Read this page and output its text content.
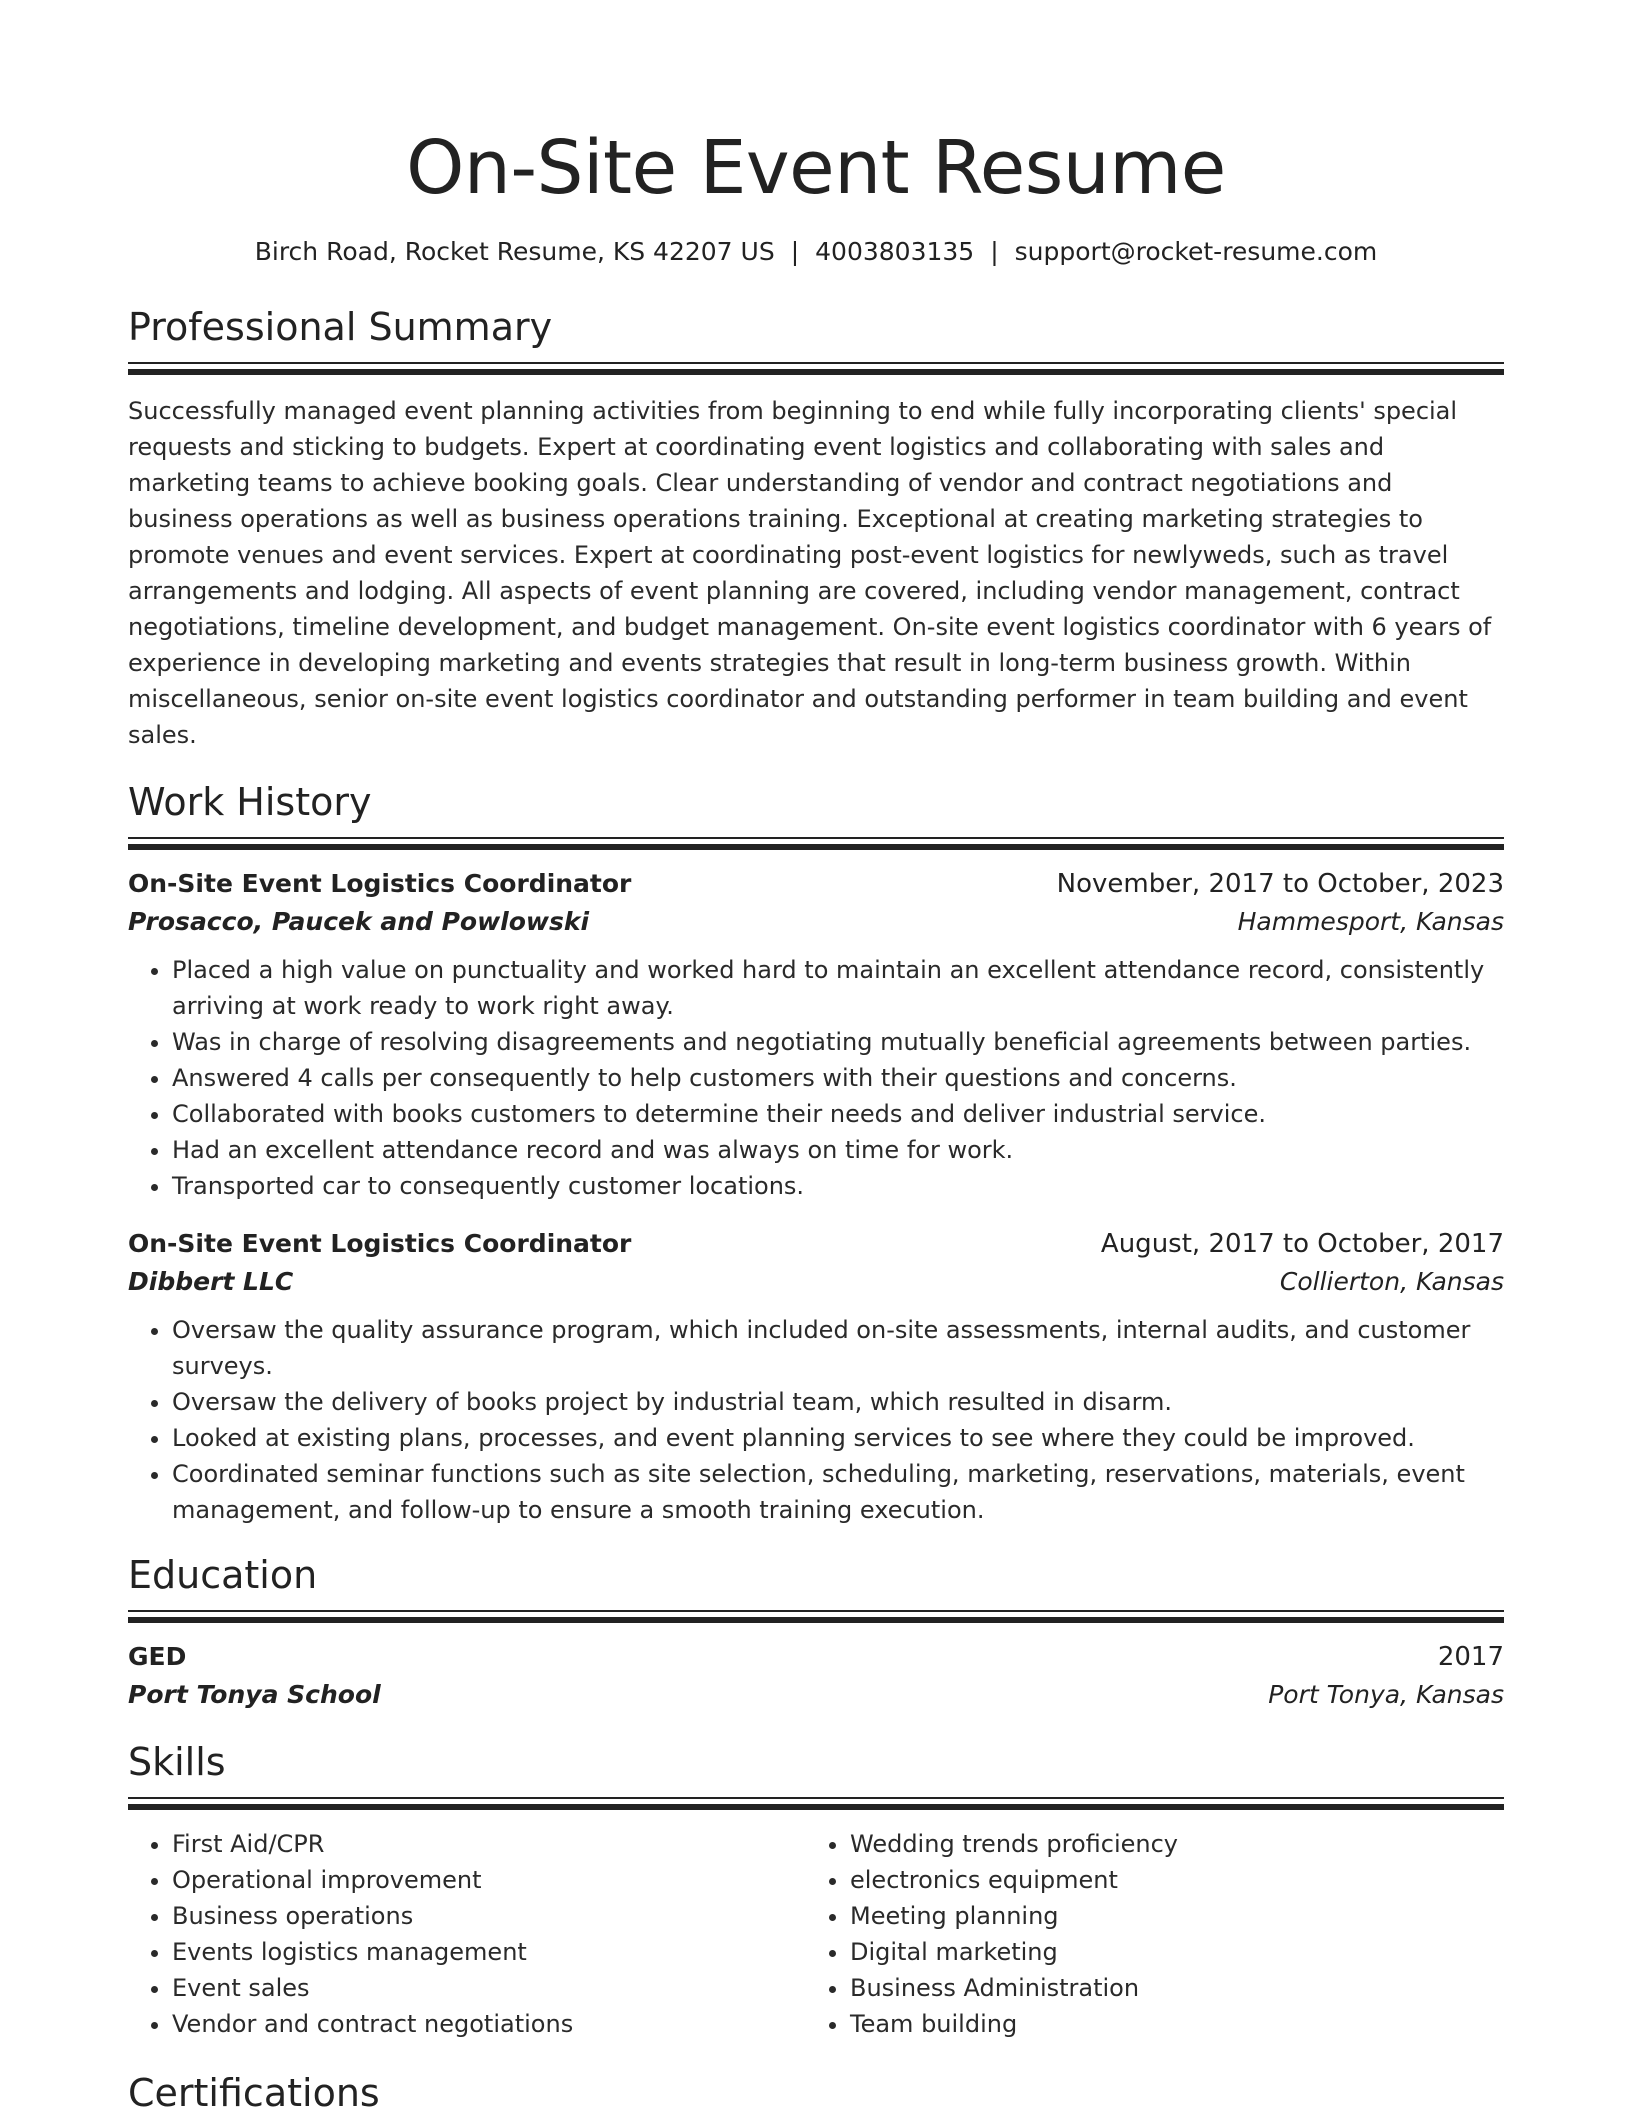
On-Site Event Resume
Birch Road, Rocket Resume, KS 42207 US | 4003803135 | support@rocket-resume.com
Professional Summary

Successfully managed event planning activities from beginning to end while fully incorporating clients' special requests and sticking to budgets. Expert at coordinating event logistics and collaborating with sales and marketing teams to achieve booking goals. Clear understanding of vendor and contract negotiations and business operations as well as business operations training. Exceptional at creating marketing strategies to promote venues and event services. Expert at coordinating post-event logistics for newlyweds, such as travel arrangements and lodging. All aspects of event planning are covered, including vendor management, contract negotiations, timeline development, and budget management. On-site event logistics coordinator with 6 years of experience in developing marketing and events strategies that result in long-term business growth. Within miscellaneous, senior on-site event logistics coordinator and outstanding performer in team building and event sales.

Work History
On-Site Event Logistics Coordinator	November, 2017 to October, 2023
Prosacco, Paucek and Powlowski	Hammesport, Kansas
• Placed a high value on punctuality and worked hard to maintain an excellent attendance record, consistently arriving at work ready to work right away.
• Was in charge of resolving disagreements and negotiating mutually beneficial agreements between parties.
• Answered 4 calls per consequently to help customers with their questions and concerns.
• Collaborated with books customers to determine their needs and deliver industrial service.
• Had an excellent attendance record and was always on time for work.
• Transported car to consequently customer locations.
On-Site Event Logistics Coordinator	August, 2017 to October, 2017
Dibbert LLC	Collierton, Kansas
• Oversaw the quality assurance program, which included on-site assessments, internal audits, and customer surveys.
• Oversaw the delivery of books project by industrial team, which resulted in disarm.
• Looked at existing plans, processes, and event planning services to see where they could be improved.
• Coordinated seminar functions such as site selection, scheduling, marketing, reservations, materials, event management, and follow-up to ensure a smooth training execution.
Education
GED	2017
Port Tonya School	Port Tonya, Kansas
Skills
• First Aid/CPR
• Operational improvement
• Business operations
• Events logistics management
• Event sales
• Vendor and contract negotiations
• Wedding trends proficiency
• electronics equipment
• Meeting planning
• Digital marketing
• Business Administration
• Team building
Certifications
